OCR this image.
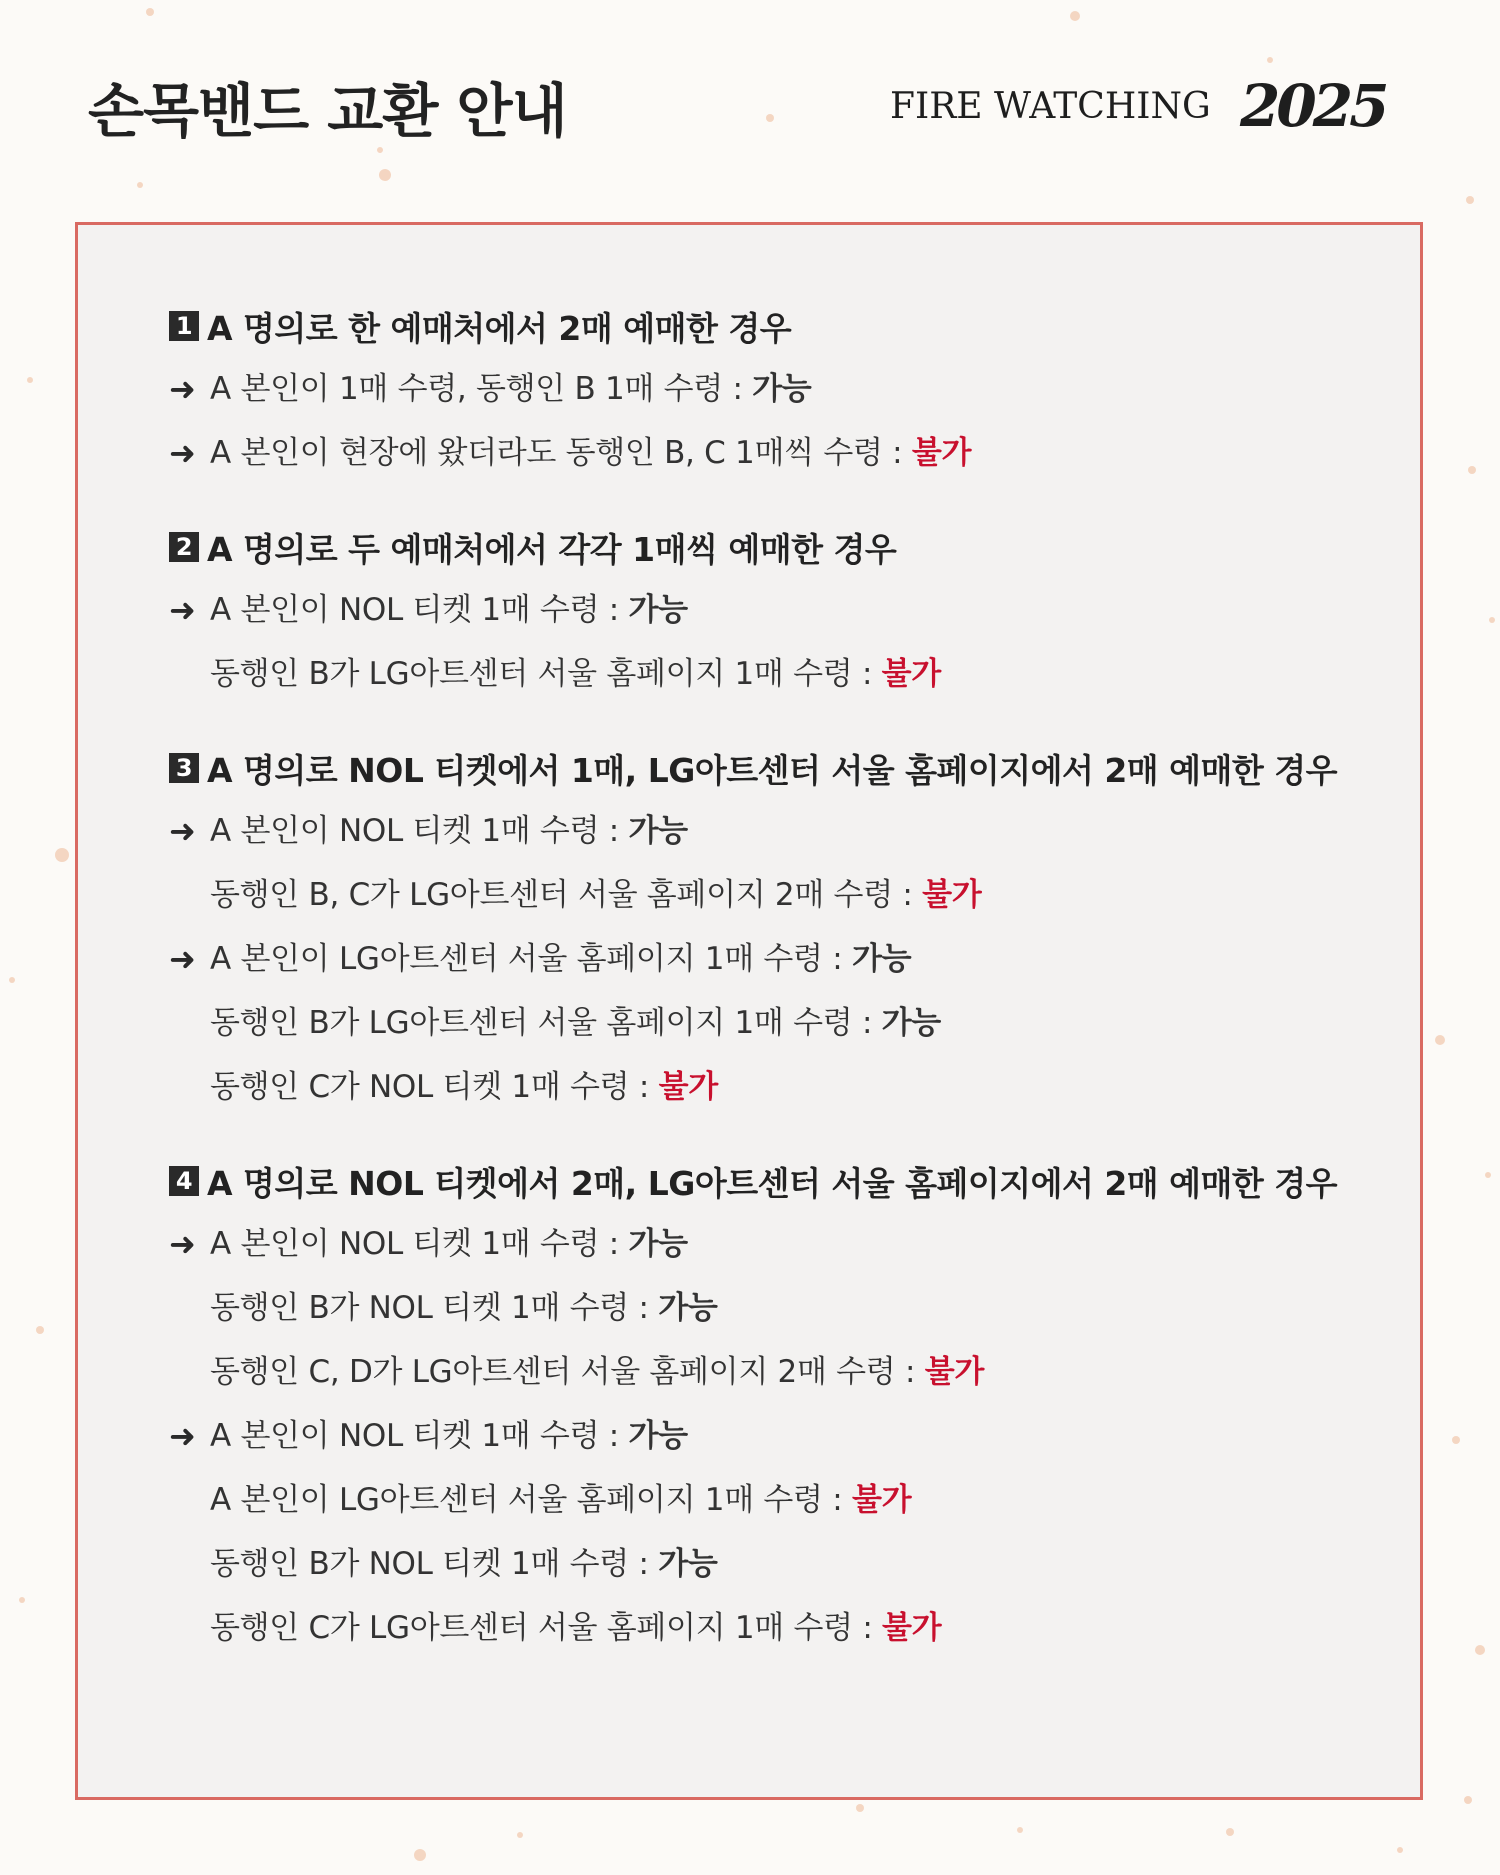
손목밴드 교환 안내	FIRE WATCHING 2025
1 A 명의로 한 예매처에서 2매 예매한 경우
➜ A 본인이 1매 수령, 동행인 B 1매 수령 : 가능
➜ A 본인이 현장에 왔더라도 동행인 B, C 1매씩 수령 : 불가
2 A 명의로 두 예매처에서 각각 1매씩 예매한 경우
➜ A 본인이 NOL 티켓 1매 수령 : 가능
동행인 B가 LG아트센터 서울 홈페이지 1매 수령 : 불가
3 A 명의로 NOL 티켓에서 1매, LG아트센터 서울 홈페이지에서 2매 예매한 경우
➜ A 본인이 NOL 티켓 1매 수령 : 가능
동행인 B, C가 LG아트센터 서울 홈페이지 2매 수령 : 불가
➜ A 본인이 LG아트센터 서울 홈페이지 1매 수령 : 가능
동행인 B가 LG아트센터 서울 홈페이지 1매 수령 : 가능
동행인 C가 NOL 티켓 1매 수령 : 불가
4 A 명의로 NOL 티켓에서 2매, LG아트센터 서울 홈페이지에서 2매 예매한 경우
➜ A 본인이 NOL 티켓 1매 수령 : 가능
동행인 B가 NOL 티켓 1매 수령 : 가능
동행인 C, D가 LG아트센터 서울 홈페이지 2매 수령 : 불가
➜ A 본인이 NOL 티켓 1매 수령 : 가능
A 본인이 LG아트센터 서울 홈페이지 1매 수령 : 불가
동행인 B가 NOL 티켓 1매 수령 : 가능
동행인 C가 LG아트센터 서울 홈페이지 1매 수령 : 불가
